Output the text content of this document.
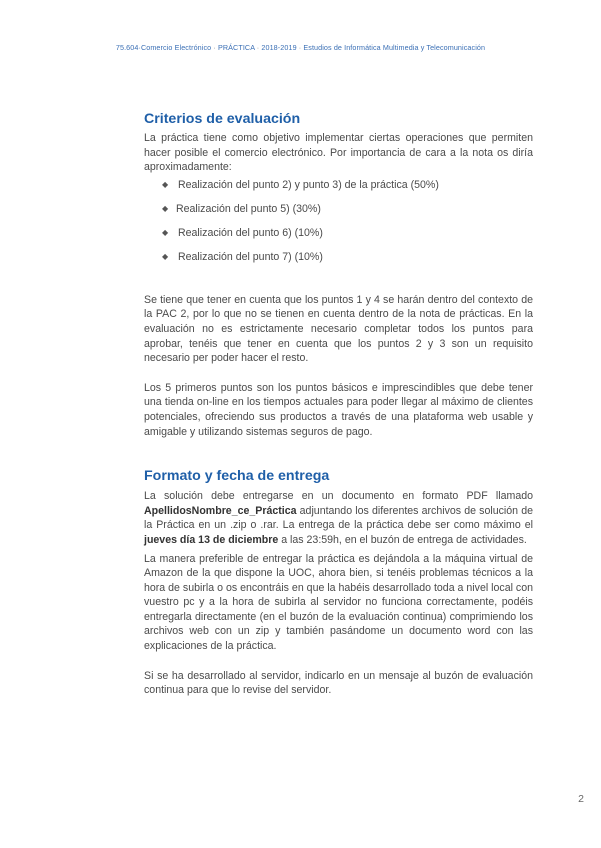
75.604·Comercio Electrónico · PRÁCTICA · 2018-2019 · Estudios de Informática Multimedia y Telecomunicación
Criterios de evaluación

La práctica tiene como objetivo implementar ciertas operaciones que permiten hacer posible el comercio electrónico. Por importancia de cara a la nota os diría aproximadamente:

◆ Realización del punto 2) y punto 3) de la práctica (50%)
◆ Realización del punto 5) (30%)
◆ Realización del punto 6) (10%)
◆ Realización del punto 7) (10%)

Se tiene que tener en cuenta que los puntos 1 y 4 se harán dentro del contexto de la PAC 2, por lo que no se tienen en cuenta dentro de la nota de prácticas. En la evaluación no es estrictamente necesario completar todos los puntos para aprobar, tenéis que tener en cuenta que los puntos 2 y 3 son un requisito necesario per poder hacer el resto.

Los 5 primeros puntos son los puntos básicos e imprescindibles que debe tener una tienda on-line en los tiempos actuales para poder llegar al máximo de clientes potenciales, ofreciendo sus productos a través de una plataforma web usable y amigable y utilizando sistemas seguros de pago.

Formato y fecha de entrega

La solución debe entregarse en un documento en formato PDF llamado ApellidosNombre_ce_Práctica adjuntando los diferentes archivos de solución de la Práctica en un .zip o .rar. La entrega de la práctica debe ser como máximo el jueves día 13 de diciembre a las 23:59h, en el buzón de entrega de actividades.

La manera preferible de entregar la práctica es dejándola a la máquina virtual de Amazon de la que dispone la UOC, ahora bien, si tenéis problemas técnicos a la hora de subirla o os encontráis en que la habéis desarrollado toda a nivel local con vuestro pc y a la hora de subirla al servidor no funciona correctamente, podéis entregarla directamente (en el buzón de la evaluación continua) comprimiendo los archivos web con un zip y también pasándome un documento word con las explicaciones de la práctica.

Si se ha desarrollado al servidor, indicarlo en un mensaje al buzón de evaluación continua para que lo revise del servidor.

2
